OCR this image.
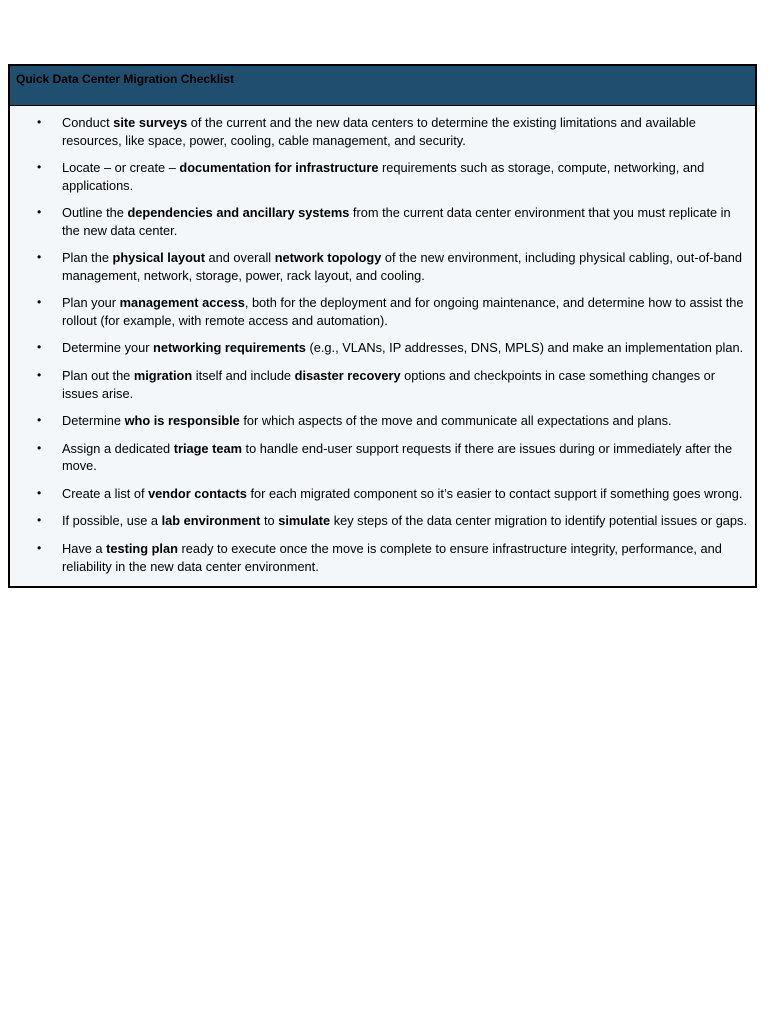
Quick Data Center Migration Checklist
• Conduct site surveys of the current and the new data centers to determine the existing limitations and available resources, like space, power, cooling, cable management, and security.
• Locate – or create – documentation for infrastructure requirements such as storage, compute, networking, and applications.
• Outline the dependencies and ancillary systems from the current data center environment that you must replicate in the new data center.
• Plan the physical layout and overall network topology of the new environment, including physical cabling, out-of-band management, network, storage, power, rack layout, and cooling.
• Plan your management access, both for the deployment and for ongoing maintenance, and determine how to assist the rollout (for example, with remote access and automation).
• Determine your networking requirements (e.g., VLANs, IP addresses, DNS, MPLS) and make an implementation plan.
• Plan out the migration itself and include disaster recovery options and checkpoints in case something changes or issues arise.
• Determine who is responsible for which aspects of the move and communicate all expectations and plans.
• Assign a dedicated triage team to handle end-user support requests if there are issues during or immediately after the move.
• Create a list of vendor contacts for each migrated component so it’s easier to contact support if something goes wrong.
• If possible, use a lab environment to simulate key steps of the data center migration to identify potential issues or gaps.
• Have a testing plan ready to execute once the move is complete to ensure infrastructure integrity, performance, and reliability in the new data center environment.
